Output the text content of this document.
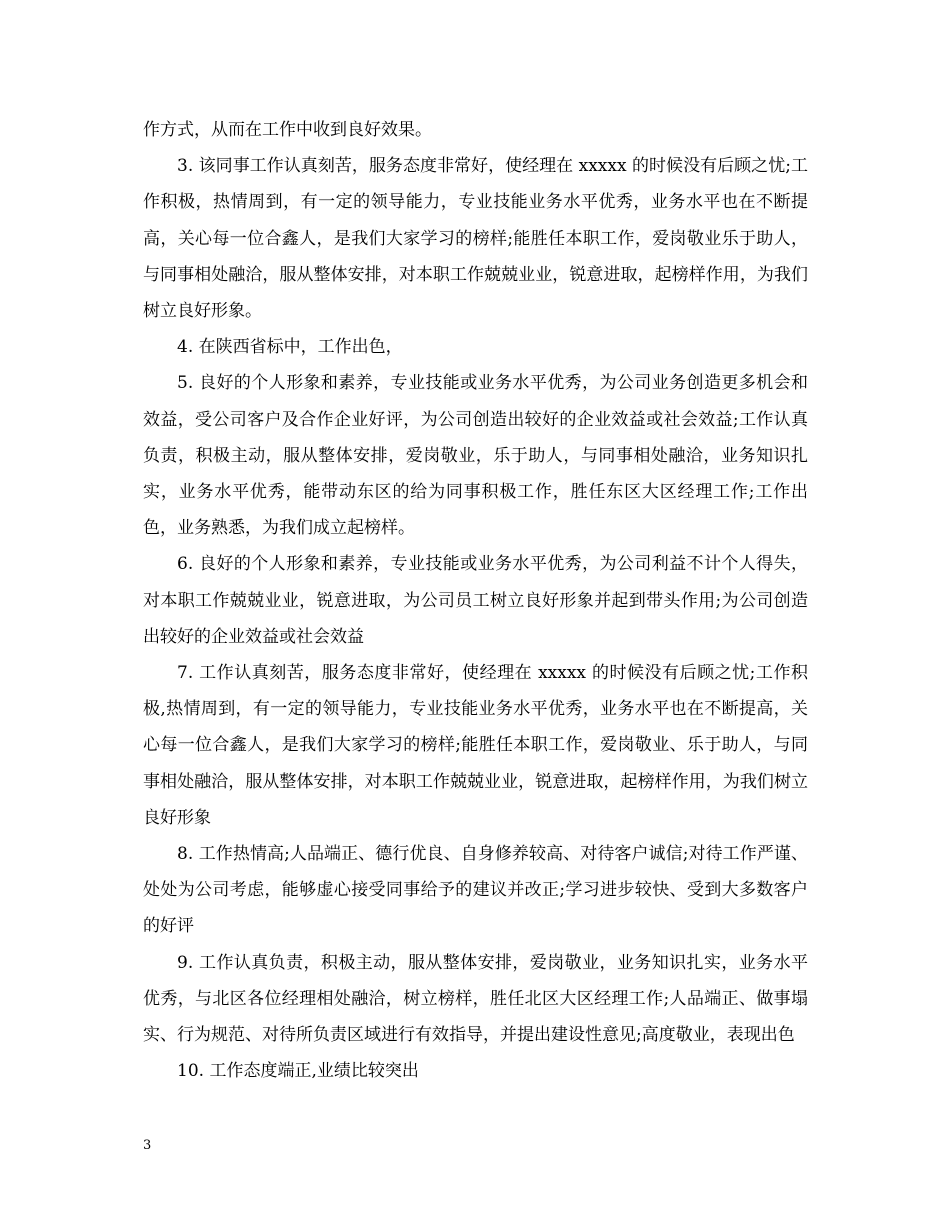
作方式，从而在工作中收到良好效果。

3. 该同事工作认真刻苦，服务态度非常好，使经理在 xxxxx 的时候没有后顾之忧;工作积极，热情周到，有一定的领导能力，专业技能业务水平优秀，业务水平也在不断提高，关心每一位合鑫人，是我们大家学习的榜样;能胜任本职工作，爱岗敬业乐于助人，与同事相处融洽，服从整体安排，对本职工作兢兢业业，锐意进取，起榜样作用，为我们树立良好形象。

4. 在陕西省标中，工作出色，

5. 良好的个人形象和素养，专业技能或业务水平优秀，为公司业务创造更多机会和效益，受公司客户及合作企业好评，为公司创造出较好的企业效益或社会效益;工作认真负责，积极主动，服从整体安排，爱岗敬业，乐于助人，与同事相处融洽，业务知识扎实，业务水平优秀，能带动东区的给为同事积极工作，胜任东区大区经理工作;工作出色，业务熟悉，为我们成立起榜样。

6. 良好的个人形象和素养，专业技能或业务水平优秀，为公司利益不计个人得失，对本职工作兢兢业业，锐意进取，为公司员工树立良好形象并起到带头作用;为公司创造出较好的企业效益或社会效益

7. 工作认真刻苦，服务态度非常好，使经理在 xxxxx 的时候没有后顾之忧;工作积极,热情周到，有一定的领导能力，专业技能业务水平优秀，业务水平也在不断提高，关心每一位合鑫人，是我们大家学习的榜样;能胜任本职工作，爱岗敬业、乐于助人，与同事相处融洽，服从整体安排，对本职工作兢兢业业，锐意进取，起榜样作用，为我们树立良好形象

8. 工作热情高;人品端正、德行优良、自身修养较高、对待客户诚信;对待工作严谨、处处为公司考虑，能够虚心接受同事给予的建议并改正;学习进步较快、受到大多数客户的好评

9. 工作认真负责，积极主动，服从整体安排，爱岗敬业，业务知识扎实，业务水平优秀，与北区各位经理相处融洽，树立榜样，胜任北区大区经理工作;人品端正、做事塌实、行为规范、对待所负责区域进行有效指导，并提出建设性意见;高度敬业，表现出色

10. 工作态度端正,业绩比较突出

3
